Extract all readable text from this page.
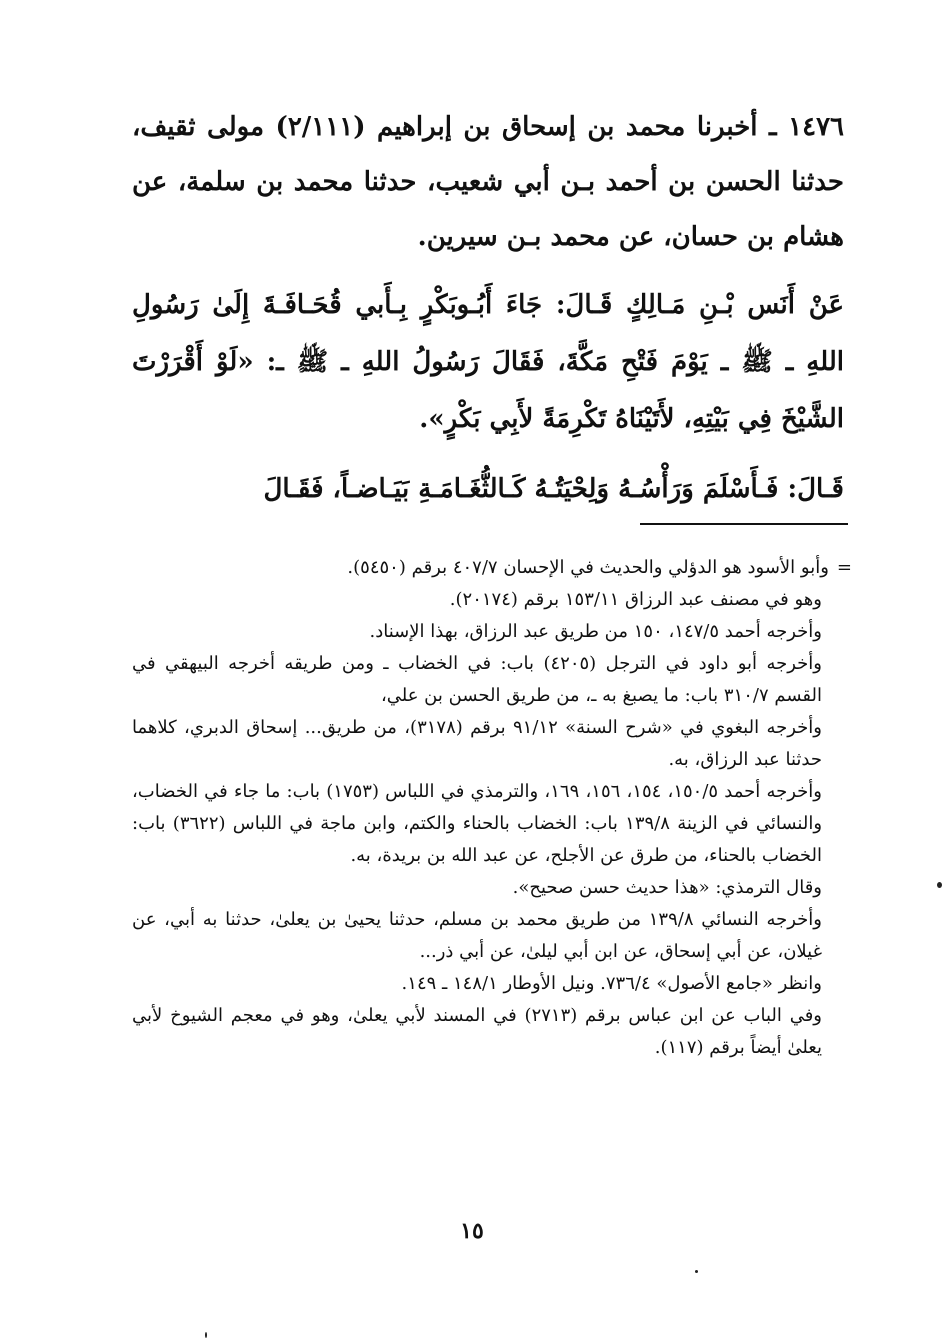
١٤٧٦ ـ أخبرنا محمد بن إسحاق بن إبراهيم (٢/١١١) مولى ثقيف، حدثنا الحسن بن أحمد بـن أبي شعيب، حدثنا محمد بن سلمة، عن هشام بن حسان، عن محمد بـن سيرين.

عَنْ أَنَس بْـنِ مَـالِكٍ قَـالَ: جَاءَ أَبُـوبَكْرٍ بِـأَبي قُحَـافَـةَ إِلَىٰ رَسُولِ اللهِ ـ ﷺ ـ يَوْمَ فَتْحِ مَكَّةَ، فَقَالَ رَسُولُ اللهِ ـ ﷺ ـ: «لَوْ أَقْرَرْتَ الشَّيْخَ فِي بَيْتِهِ، لأَتَيْنَاهُ تَكْرِمَةً لأَبِي بَكْرٍ».

قَـالَ: فَـأَسْلَمَ وَرَأْسُـهُ وَلِحْيَتُـهُ كَـالثُّغَـامَـةِ بَيَـاضـاً، فَقَـالَ

=وأبو الأسود هو الدؤلي والحديث في الإحسان ٤٠٧/٧ برقم (٥٤٥٠).

وهو في مصنف عبد الرزاق ١٥٣/١١ برقم (٢٠١٧٤).

وأخرجه أحمد ١٤٧/٥، ١٥٠ من طريق عبد الرزاق، بهذا الإسناد.

وأخرجه أبو داود في الترجل (٤٢٠٥) باب: في الخضاب ـ ومن طريقه أخرجه البيهقي في القسم ٣١٠/٧ باب: ما يصبغ به ـ، من طريق الحسن بن علي،

وأخرجه البغوي في «شرح السنة» ٩١/١٢ برقم (٣١٧٨)، من طريق... إسحاق الدبري، كلاهما حدثنا عبد الرزاق، به.

وأخرجه أحمد ١٥٠/٥، ١٥٤، ١٥٦، ١٦٩، والترمذي في اللباس (١٧٥٣) باب: ما جاء في الخضاب، والنسائي في الزينة ١٣٩/٨ باب: الخضاب بالحناء والكتم، وابن ماجة في اللباس (٣٦٢٢) باب: الخضاب بالحناء، من طرق عن الأجلح، عن عبد الله بن بريدة، به.

وقال الترمذي: «هذا حديث حسن صحيح».

وأخرجه النسائي ١٣٩/٨ من طريق محمد بن مسلم، حدثنا يحيىٰ بن يعلىٰ، حدثنا به أبي، عن غيلان، عن أبي إسحاق، عن ابن أبي ليلىٰ، عن أبي ذر...

وانظر «جامع الأصول» ٧٣٦/٤. ونيل الأوطار ١٤٨/١ ـ ١٤٩.

وفي الباب عن ابن عباس برقم (٢٧١٣) في المسند لأبي يعلىٰ، وهو في معجم الشيوخ لأبي يعلىٰ أيضاً برقم (١١٧).

١٥
